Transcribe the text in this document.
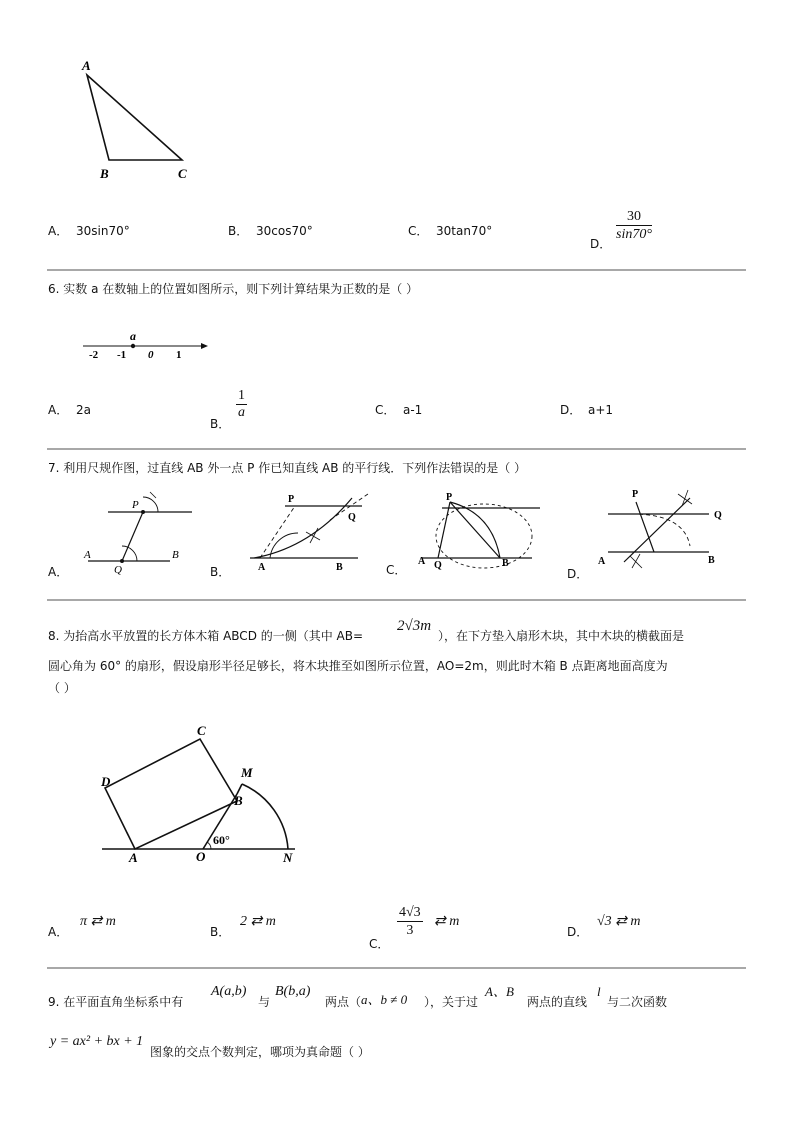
A
B	C
A． 30sin70°	B． 30cos70°	C． 30tan70°
D．
30
sin70°
6. 实数 a 在数轴上的位置如图所示，则下列计算结果为正数的是（ ）
a
-2 -1 0 1
A． 2a
B．
1
a	C． a-1	D． a+1
7. 利用尺规作图，过直线 AB 外一点 P 作已知直线 AB 的平行线．下列作法错误的是（ ）
A．
P
Q
A	B
B．
P
Q
A	B	C．
P
A Q	B
D．
P
Q
A	B
8. 为抬高水平放置的长方体木箱 ABCD 的一侧（其中 AB=
2√3m
），在下方垫入扇形木块，其中木块的横截面是
圆心角为 60° 的扇形，假设扇形半径足够长，将木块推至如图所示位置，AO=2m，则此时木箱 B 点距离地面高度为
（ ）
60°
C
D
M
B
A	O	N
A．
π ⇄ m
B．
2 ⇄ m
C．
4√3
3
⇄ m
D．
√3 ⇄ m
9. 在平面直角坐标系中有
A(a,b)
与
B(b,a)
两点（ a、b ≠ 0 ），关于过
A、B
两点的直线
l
与二次函数
y = ax² + bx + 1
图象的交点个数判定，哪项为真命题（ ）
